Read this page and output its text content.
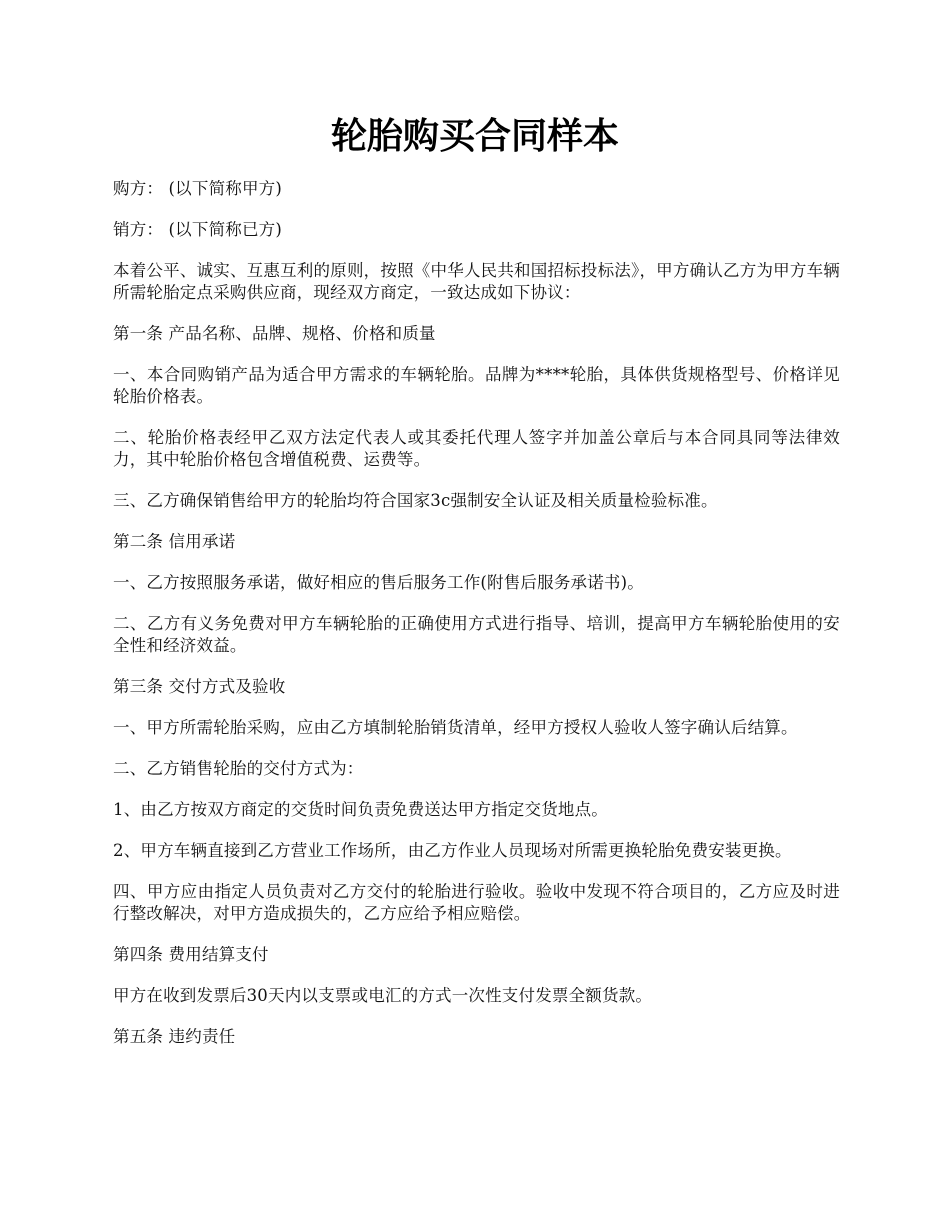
轮胎购买合同样本

购方： (以下简称甲方)

销方： (以下简称已方)

本着公平、诚实、互惠互利的原则，按照《中华人民共和国招标投标法》，甲方确认乙方为甲方车辆所需轮胎定点采购供应商，现经双方商定，一致达成如下协议：

第一条 产品名称、品牌、规格、价格和质量

一、本合同购销产品为适合甲方需求的车辆轮胎。品牌为****轮胎，具体供货规格型号、价格详见轮胎价格表。

二、轮胎价格表经甲乙双方法定代表人或其委托代理人签字并加盖公章后与本合同具同等法律效力，其中轮胎价格包含增值税费、运费等。

三、乙方确保销售给甲方的轮胎均符合国家3c强制安全认证及相关质量检验标准。

第二条 信用承诺

一、乙方按照服务承诺，做好相应的售后服务工作(附售后服务承诺书)。

二、乙方有义务免费对甲方车辆轮胎的正确使用方式进行指导、培训，提高甲方车辆轮胎使用的安全性和经济效益。

第三条 交付方式及验收

一、甲方所需轮胎采购，应由乙方填制轮胎销货清单，经甲方授权人验收人签字确认后结算。

二、乙方销售轮胎的交付方式为：

1、由乙方按双方商定的交货时间负责免费送达甲方指定交货地点。

2、甲方车辆直接到乙方营业工作场所，由乙方作业人员现场对所需更换轮胎免费安装更换。

四、甲方应由指定人员负责对乙方交付的轮胎进行验收。验收中发现不符合项目的，乙方应及时进行整改解决，对甲方造成损失的，乙方应给予相应赔偿。

第四条 费用结算支付

甲方在收到发票后30天内以支票或电汇的方式一次性支付发票全额货款。

第五条 违约责任
